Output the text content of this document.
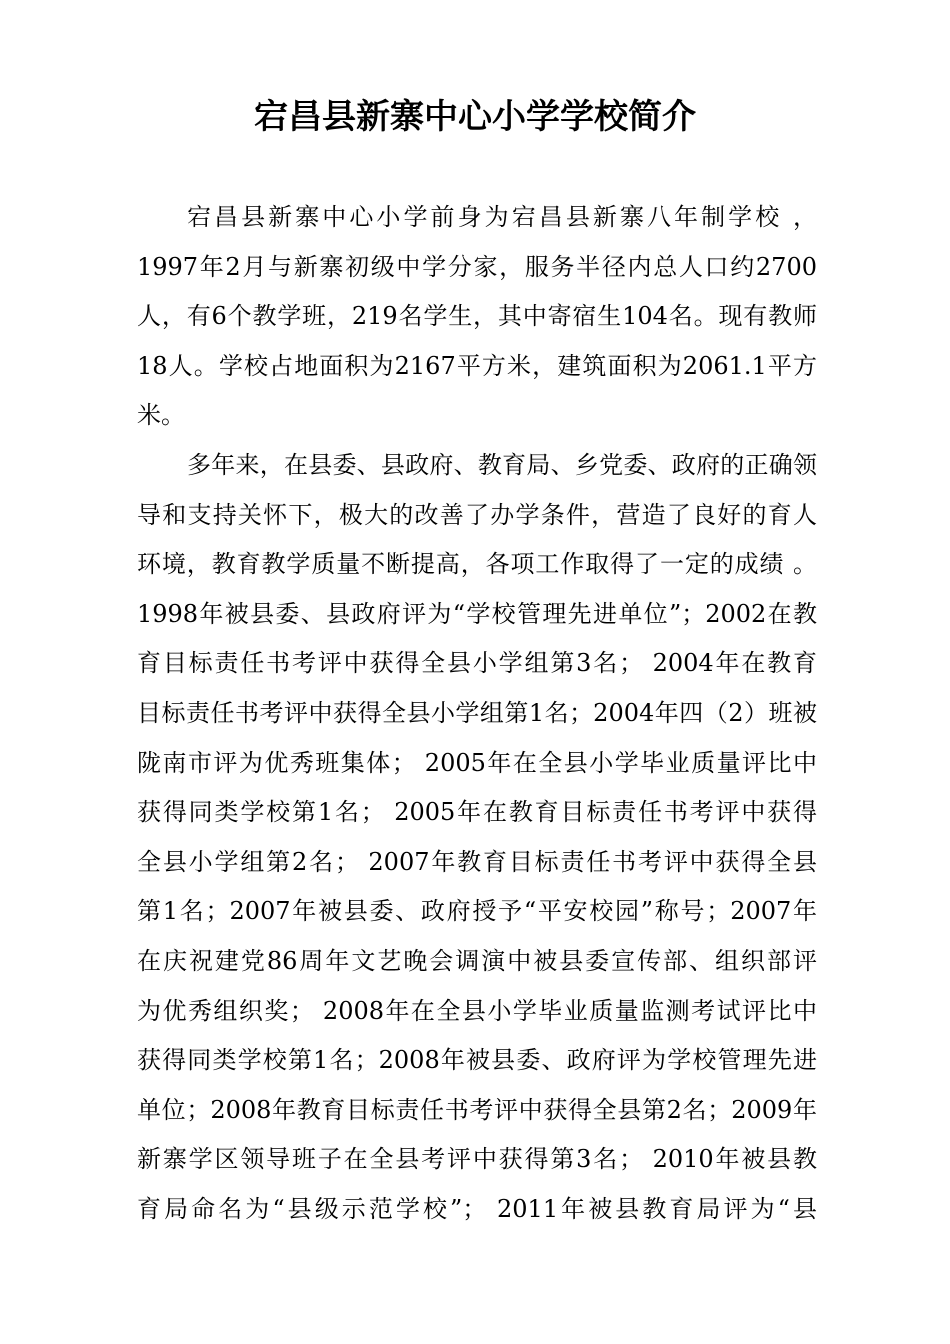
宕昌县新寨中心小学学校简介
宕昌县新寨中心小学前身为宕昌县新寨八年制学校 ，
1997年2月与新寨初级中学分家，服务半径内总人口约2700
人，有6个教学班，219名学生，其中寄宿生104名。现有教师
18人。学校占地面积为2167平方米，建筑面积为2061.1平方
米。
多年来，在县委、县政府、教育局、乡党委、政府的正确领
导和支持关怀下，极大的改善了办学条件，营造了良好的育人
环境，教育教学质量不断提高，各项工作取得了一定的成绩 。
1998年被县委、县政府评为“学校管理先进单位”；2002在教
育目标责任书考评中获得全县小学组第3名； 2004年在教育
目标责任书考评中获得全县小学组第1名；2004年四（2）班被
陇南市评为优秀班集体； 2005年在全县小学毕业质量评比中
获得同类学校第1名； 2005年在教育目标责任书考评中获得
全县小学组第2名； 2007年教育目标责任书考评中获得全县
第1名；2007年被县委、政府授予“平安校园”称号；2007年
在庆祝建党86周年文艺晚会调演中被县委宣传部、组织部评
为优秀组织奖； 2008年在全县小学毕业质量监测考试评比中
获得同类学校第1名；2008年被县委、政府评为学校管理先进
单位；2008年教育目标责任书考评中获得全县第2名；2009年
新寨学区领导班子在全县考评中获得第3名； 2010年被县教
育局命名为“县级示范学校”； 2011年被县教育局评为“县
